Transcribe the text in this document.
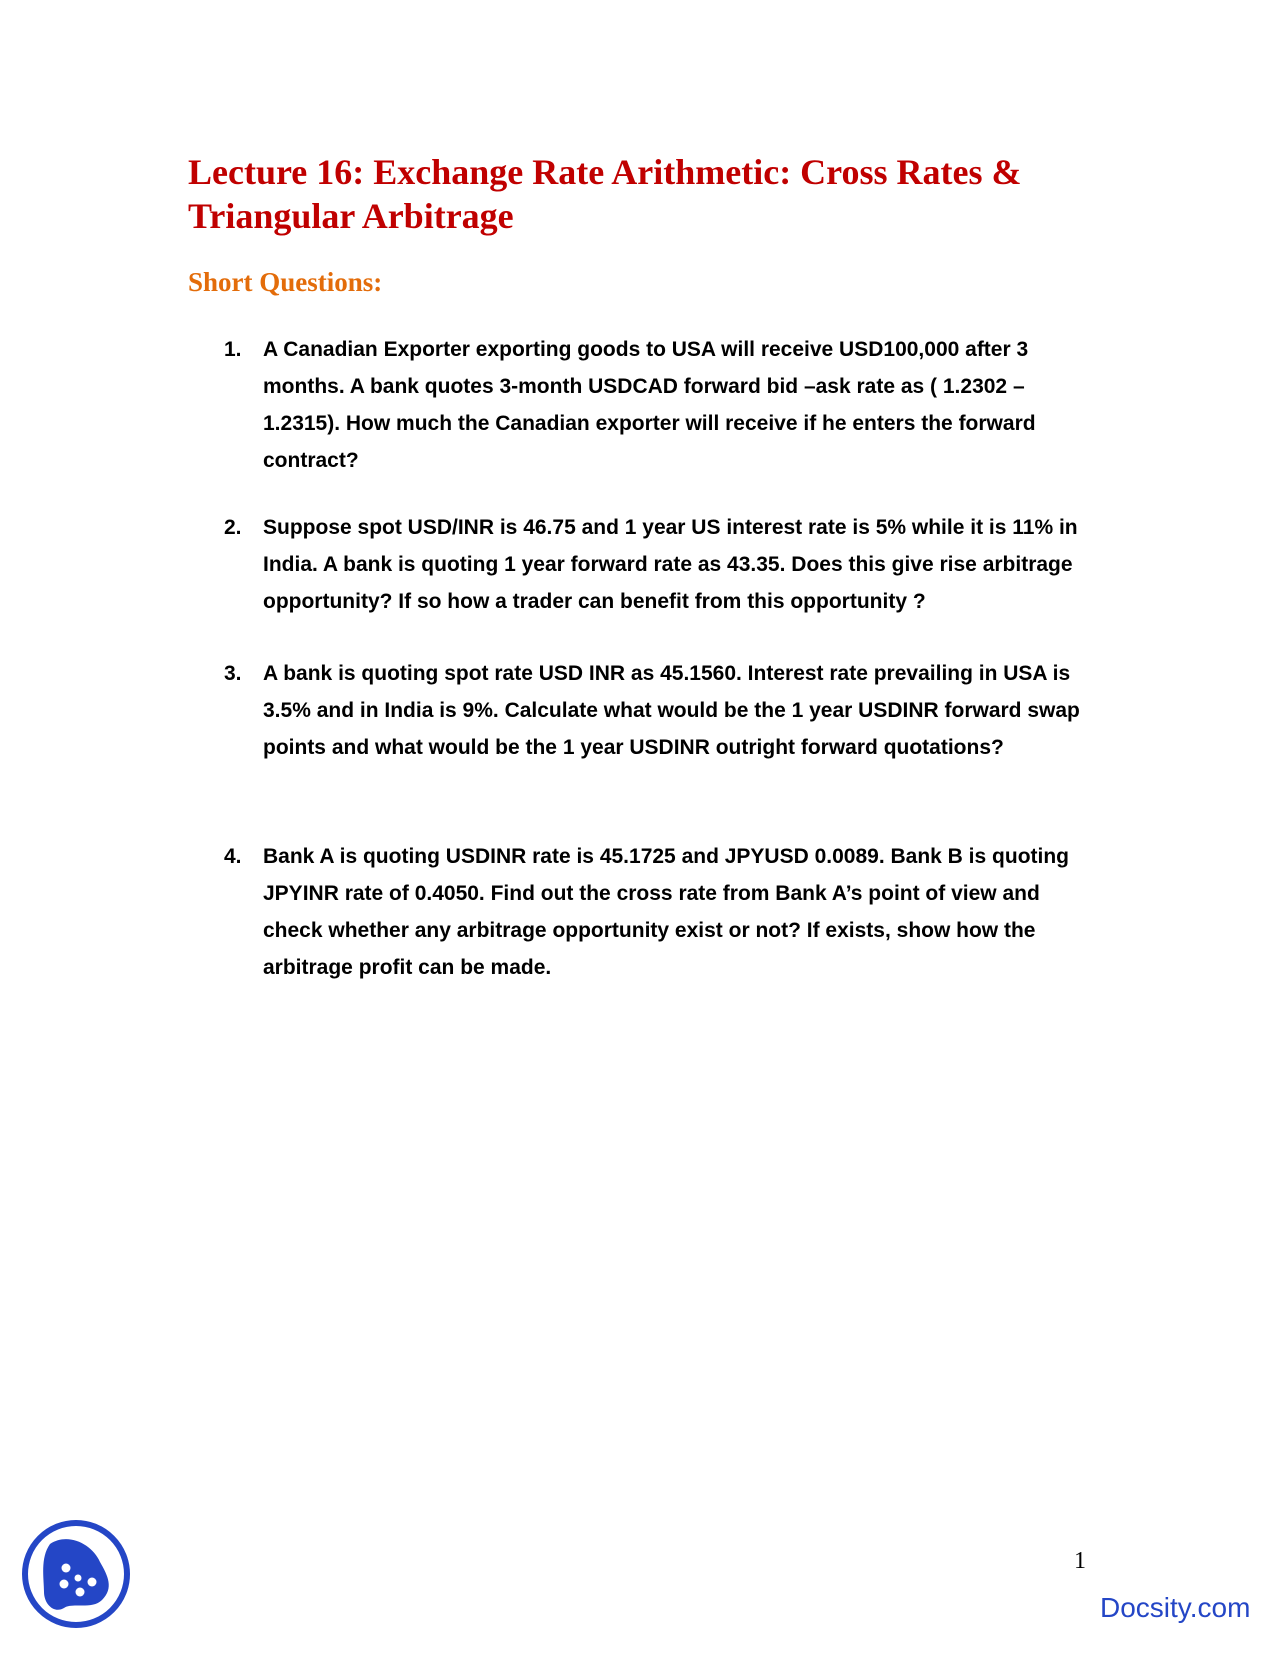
Lecture 16: Exchange Rate Arithmetic: Cross Rates & Triangular Arbitrage
Short Questions:
1.	A Canadian Exporter exporting goods to USA will receive USD100,000 after 3 months. A bank quotes 3-month USDCAD forward bid –ask rate as ( 1.2302 – 1.2315). How much the Canadian exporter will receive if he enters the forward contract?
2.	Suppose spot USD/INR is 46.75 and 1 year US interest rate is 5% while it is 11% in India. A bank is quoting 1 year forward rate as 43.35. Does this give rise arbitrage opportunity? If so how a trader can benefit from this opportunity ?
3.	A bank is quoting spot rate USD INR as 45.1560. Interest rate prevailing in USA is 3.5% and in India is 9%. Calculate what would be the 1 year USDINR forward swap points and what would be the 1 year USDINR outright forward quotations?
4.	Bank A is quoting USDINR rate is 45.1725 and JPYUSD 0.0089. Bank B is quoting JPYINR rate of 0.4050. Find out the cross rate from Bank A’s point of view and check whether any arbitrage opportunity exist or not? If exists, show how the arbitrage profit can be made.
1
Docsity.com
